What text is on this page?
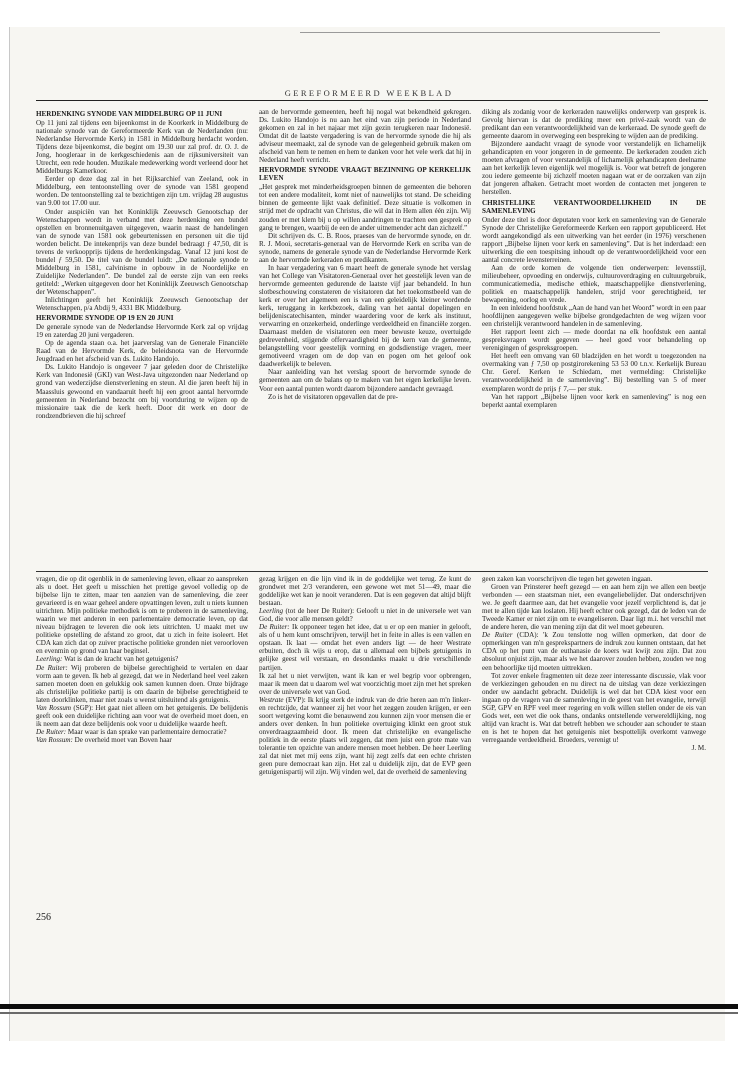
GEREFORMEERD WEEKBLAD
HERDENKING SYNODE VAN MIDDELBURG OP 11 JUNI

Op 11 juni zal tijdens een bijeenkomst in de Koorkerk in Middelburg de nationale synode van de Gereformeerde Kerk van de Nederlanden (nu: Nederlandse Hervormde Kerk) in 1581 in Middelburg herdacht worden. Tijdens deze bijeenkomst, die begint om 19.30 uur zal prof. dr. O. J. de Jong, hoogleraar in de kerkgeschiedenis aan de rijksuniversiteit van Utrecht, een rede houden. Muzikale medewerking wordt verleend door het Middelburgs Kamerkoor.

Eerder op deze dag zal in het Rijksarchief van Zeeland, ook in Middelburg, een tentoonstelling over de synode van 1581 geopend worden. De tentoonstelling zal te bezichtigen zijn t.m. vrijdag 28 augustus van 9.00 tot 17.00 uur.

Onder auspiciën van het Koninklijk Zeeuwsch Genootschap der Wetenschappen wordt in verband met deze herdenking een bundel opstellen en bronnenuitgaven uitgegeven, waarin naast de handelingen van de synode van 1581 ook gebeurtenissen en personen uit die tijd worden belicht. De intekenprijs van deze bundel bedraagt ƒ 47,50, dit is tevens de verkoopprijs tijdens de herdenkingsdag. Vanaf 12 juni kost de bundel ƒ 59,50. De titel van de bundel luidt: „De nationale synode te Middelburg in 1581, calvinisme in opbouw in de Noordelijke en Zuidelijke Nederlanden”. De bundel zal de eerste zijn van een reeks getiteld: „Werken uitgegeven door het Koninklijk Zeeuwsch Genootschap der Wetenschappen”.

Inlichtingen geeft het Koninklijk Zeeuwsch Genootschap der Wetenschappen, p/a Abdij 9, 4331 BK Middelburg.

HERVORMDE SYNODE OP 19 EN 20 JUNI

De generale synode van de Nederlandse Hervormde Kerk zal op vrijdag 19 en zaterdag 20 juni vergaderen.

Op de agenda staan o.a. het jaarverslag van de Generale Financiële Raad van de Hervormde Kerk, de beleidsnota van de Hervormde Jeugdraad en het afscheid van ds. Lukito Handojo.

Ds. Lukito Handojo is ongeveer 7 jaar geleden door de Christelijke Kerk van Indonesië (GKI) van West-Java uitgezonden naar Nederland op grond van wederzijdse dienstverlening en steun. Al die jaren heeft hij in Maassluis gewoond en vandaaruit heeft hij een groot aantal hervormde gemeenten in Nederland bezocht om bij voortduring te wijzen op de missionaire taak die de kerk heeft. Door dit werk en door de rondzendbrieven die hij schreef

aan de hervormde gemeenten, heeft hij nogal wat bekendheid gekregen. Ds. Lukito Handojo is nu aan het eind van zijn periode in Nederland gekomen en zal in het najaar met zijn gezin terugkeren naar Indonesië. Omdat dit de laatste vergadering is van de hervormde synode die hij als adviseur meemaakt, zal de synode van de gelegenheid gebruik maken om afscheid van hem te nemen en hem te danken voor het vele werk dat hij in Nederland heeft verricht.

HERVORMDE SYNODE VRAAGT BEZINNING OP KERKELIJK LEVEN

„Het gesprek met minderheidsgroepen binnen de gemeenten die behoren tot een andere modaliteit, komt niet of nauwelijks tot stand. De scheiding binnen de gemeente lijkt vaak definitief. Deze situatie is volkomen in strijd met de opdracht van Christus, die wil dat in Hem allen één zijn. Wij zouden er met klem bij u op willen aandringen te trachten een gesprek op gang te brengen, waarbij de een de ander uitnemender acht dan zichzelf.”

Dit schrijven ds. C. B. Roos, praeses van de hervormde synode, en dr. R. J. Mooi, secretaris-generaal van de Hervormde Kerk en scriba van de synode, namens de generale synode van de Nederlandse Hervormde Kerk aan de hervormde kerkeraden en predikanten.

In haar vergadering van 6 maart heeft de generale synode het verslag van het College van Visitatoren-Generaal over het geestelijk leven van de hervormde gemeenten gedurende de laatste vijf jaar behandeld. In hun slotbeschouwing constateren de visitatoren dat het toekomstbeeld van de kerk er over het algemeen een is van een geleidelijk kleiner wordende kerk, teruggang in kerkbezoek, daling van het aantal dopelingen en belijdeniscatechisanten, minder waardering voor de kerk als instituut, verwarring en onzekerheid, onderlinge verdeeldheid en financiële zorgen. Daarnaast melden de visitatoren een meer bewuste keuze, overtuigde gedrevenheid, stijgende offervaardigheid bij de kern van de gemeente, belangstelling voor geestelijk vorming en godsdienstige vragen, meer gemotiveerd vragen om de dop van en pogen om het geloof ook daadwerkelijk te beleven.

Naar aanleiding van het verslag spoort de hervormde synode de gemeenten aan om de balans op te maken van het eigen kerkelijke leven. Voor een aantal punten wordt daarom bijzondere aandacht gevraagd.

Zo is het de visitatoren opgevallen dat de pre-

diking als zodanig voor de kerkeraden nauwelijks onderwerp van gesprek is. Gevolg hiervan is dat de prediking meer een privé-zaak wordt van de predikant dan een verantwoordelijkheid van de kerkeraad. De synode geeft de gemeente daarom in overweging een bespreking te wijden aan de prediking.

Bijzondere aandacht vraagt de synode voor verstandelijk en lichamelijk gehandicapten en voor jongeren in de gemeente. De kerkeraden zouden zich moeten afvragen of voor verstandelijk of lichamelijk gehandicapten deelname aan het kerkelijk leven eigenlijk wel mogelijk is. Voor wat betreft de jongeren zou iedere gemeente bij zichzelf moeten nagaan wat er de oorzaken van zijn dat jongeren afhaken. Getracht moet worden de contacten met jongeren te herstellen.

CHRISTELIJKE VERANTWOORDELIJKHEID IN DE SAMENLEVING

Onder deze titel is door deputaten voor kerk en samenleving van de Generale Synode der Christelijke Gereformeerde Kerken een rapport gepubliceerd. Het wordt aangekondigd als een uitwerking van het eerder (in 1976) verschenen rapport „Bijbelse lijnen voor kerk en samenleving”. Dat is het inderdaad: een uitwerking die een toespitsing inhoudt op de verantwoordelijkheid voor een aantal concrete levensterreinen.

Aan de orde komen de volgende tien onderwerpen: levensstijl, milieubeheer, opvoeding en onderwijs, cultuuroverdraging en cultuurgebruik, communicatiemedia, medische ethiek, maatschappelijke dienstverlening, politiek en maatschappelijk handelen, strijd voor gerechtigheid, ter bewapening, oorlog en vrede.

In een inleidend hoofdstuk „Aan de hand van het Woord” wordt in een paar hoofdlijnen aangegeven welke bijbelse grondgedachten de weg wijzen voor een christelijk verantwoord handelen in de samenleving.

Het rapport leent zich — mede doordat na elk hoofdstuk een aantal gespreksvragen wordt gegeven — heel goed voor behandeling op verenigingen of gespreksgroepen.

Het heeft een omvang van 60 bladzijden en het wordt u toegezonden na overmaking van ƒ 7,50 op postgirorekening 53 53 00 t.n.v. Kerkelijk Bureau Chr. Geref. Kerken te Schiedam, met vermelding: Christelijke verantwoordelijkheid in de samenleving”. Bij bestelling van 5 of meer exemplaren wordt de prijs ƒ 7,— per stuk.

Van het rapport „Bijbelse lijnen voor kerk en samenleving” is nog een beperkt aantal exemplaren

vragen, die op dit ogenblik in de samenleving leven, elkaar zo aanspreken als u doet. Het geeft u misschien het prettige gevoel volledig op de bijbelse lijn te zitten, maar ten aanzien van de samenleving, die zeer gevarieerd is en waar geheel andere opvattingen leven, zult u niets kunnen uitrichten. Mijn politieke methodiek is om te proberen in de samenleving, waarin we met anderen in een parlementaire democratie leven, op dat niveau bijdragen te leveren die ook iets uitrichten. U maakt met uw politieke opstelling de afstand zo groot, dat u zich in feite isoleert. Het CDA kan zich dat op zuiver practische politieke gronden niet veroorloven en evenmin op grond van haar beginsel.

Leerling: Wat is dan de kracht van het getuigenis?

De Ruiter: Wij proberen de bijbelse gerechtigheid te vertalen en daar vorm aan te geven. Ik heb al gezegd, dat we in Nederland heel veel zaken samen moeten doen en gelukkig ook samen kunnen doen. Onze bijdrage als christelijke politieke partij is om daarin de bijbelse gerechtigheid te laten doorklinken, maar niet zoals u wenst uitsluitend als getuigenis.

Van Rossum (SGP): Het gaat niet alleen om het getuigenis. De belijdenis geeft ook een duidelijke richting aan voor wat de overheid moet doen, en ik neem aan dat deze belijdenis ook voor u duidelijke waarde heeft.

De Ruiter: Maar waar is dan sprake van parlementaire democratie?

Van Rossum: De overheid moet van Boven haar

gezag krijgen en die lijn vind ik in de goddelijke wet terug. Ze kunt de grondwet met 2/3 veranderen, een gewone wet met 51—49, maar die goddelijke wet kan je nooit veranderen. Dat is een gegeven dat altijd blijft bestaan.

Leerling (tot de heer De Ruiter): Gelooft u niet in de universele wet van God, die voor alle mensen geldt?

De Ruiter: Ik opponeer tegen het idee, dat u er op een manier in gelooft, als of u hem kunt omschrijven, terwijl het in feite in alles is een vallen en opstaan. Ik laat — omdat het even anders ligt — de heer Westrate erbuiten, doch ik wijs u erop, dat u allemaal een bijbels getuigenis in gelijke geest wil verstaan, en desondanks maakt u drie verschillende partijen.

Ik zal het u niet verwijten, want ik kan er wel begrip voor opbrengen, maar ik meen dat u daarom wel wat voorzichtig moet zijn met het spreken over de universele wet van God.

Westrate (EVP): Ik krijg sterk de indruk van de drie heren aan m'n linker- en rechtzijde, dat wanneer zij het voor het zeggen zouden krijgen, er een soort wetgeving komt die benauwend zou kunnen zijn voor mensen die er anders over denken. In hun politieke overtuiging klinkt een groot stuk onverdraagzaamheid door. Ik meen dat christelijke en evangelische politiek in de eerste plaats wil zeggen, dat men juist een grote mate van tolerantie ten opzichte van andere mensen moet hebben. De heer Leerling zal dat niet met mij eens zijn, want hij zegt zelfs dat een echte christen geen pure democraat kan zijn. Het zal u duidelijk zijn, dat de EVP geen getuigenispartij wil zijn. Wij vinden wel, dat de overheid de samenleving

geen zaken kan voorschrijven die tegen het geweten ingaan.

Groen van Prinsterer heeft gezegd — en aan hem zijn we allen een beetje verbonden — een staatsman niet, een evangeliebelijder. Dat onderschrijven we. Je geeft daarmee aan, dat het evangelie voor jezelf verplichtend is, dat je met te allen tijde kan loslaten. Hij heeft echter ook gezegd, dat de leden van de Tweede Kamer er niet zijn om te evangeliseren. Daar ligt m.i. het verschil met de andere heren, die van mening zijn dat dit wel moet gebeuren.

De Ruiter (CDA): 'k Zou tenslotte nog willen opmerken, dat door de opmerkingen van m'n gesprekspartners de indruk zou kunnen ontstaan, dat het CDA op het punt van de euthanasie de koers wat kwijt zou zijn. Dat zou absoluut onjuist zijn, maar als we het daarover zouden hebben, zouden we nog een behoorlijke tijd moeten uittrekken.

Tot zover enkele fragmenten uit deze zeer interessante discussie, vlak voor de verkiezingen gehouden en nu direct na de uitslag van deze verkiezingen onder uw aandacht gebracht. Duidelijk is wel dat het CDA kiest voor een ingaan op de vragen van de samenleving in de geest van het evangelie, terwijl SGP, GPV en RPF veel meer regering en volk willen stellen onder de eis van Gods wet, een wet die ook thans, ondanks ontstellende verwereldlijking, nog altijd van kracht is. Wat dat betreft hebben we schouder aan schouder te staan en is het te hopen dat het getuigenis niet bespottelijk overkomt vanwege verregaande verdeeldheid. Broeders, verenigt u!

J. M.

256
